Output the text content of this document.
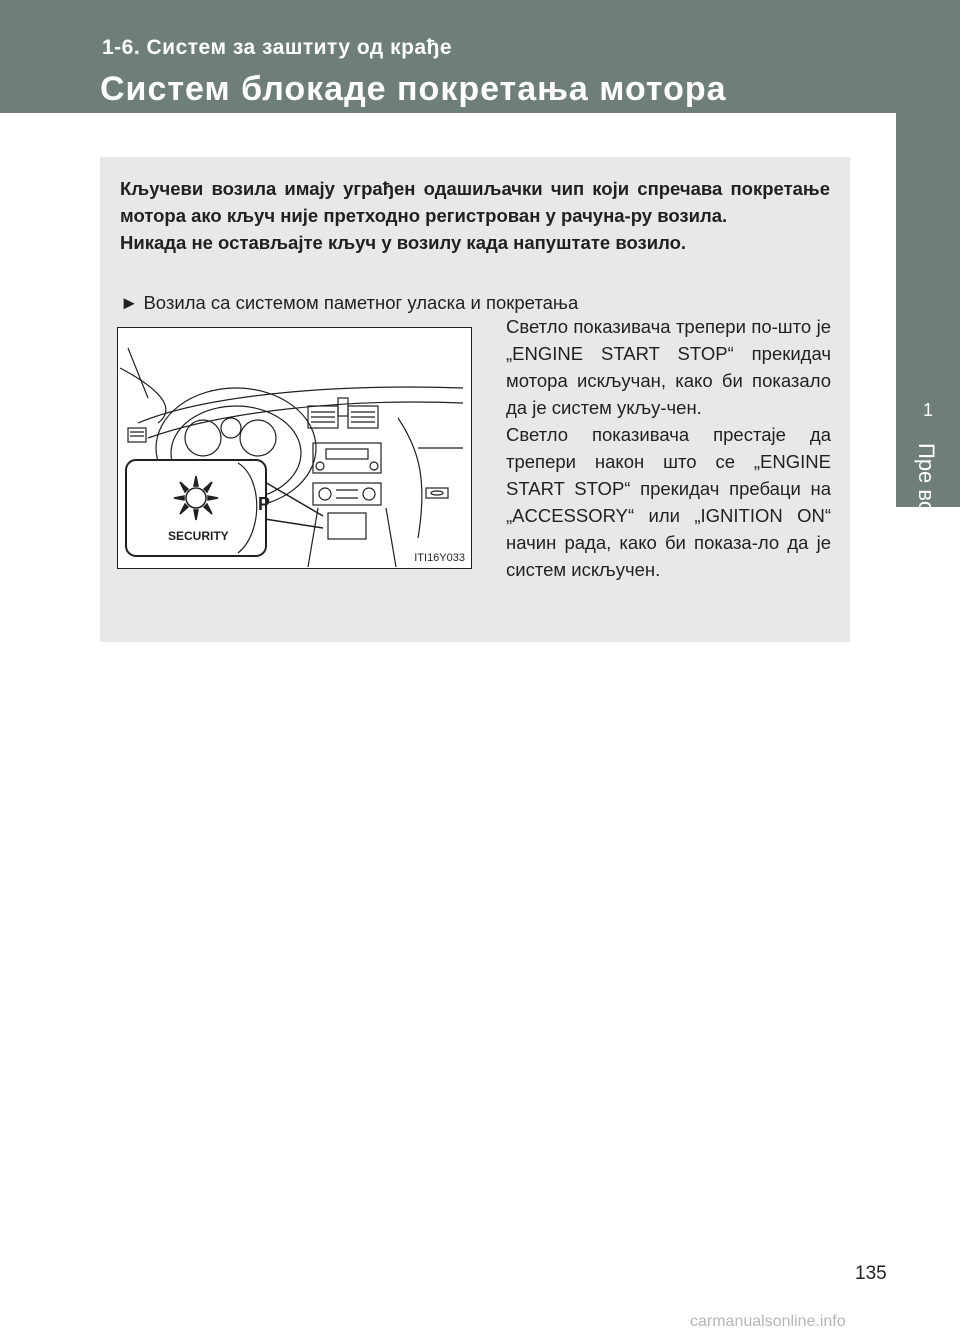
1-6. Систем за заштиту од крађе
Систем блокаде покретања мотора
1
Пре вожње

Кључеви возила имају уграђен одашиљачки чип који спречава покретање мотора ако кључ није претходно регистрован у рачуна-ру возила.

Никада не остављајте кључ у возилу када напуштате возило.

► Возила са системом паметног уласка и покретања
SECURITY
P
ITI16Y033

Светло показивача трепери по-што је „ENGINE START STOP“ прекидач мотора искључан, како би показало да је систем укљу-чен.

Светло показивача престаје да трепери након што се „ENGINE START STOP“ прекидач пребаци на „ACCESSORY“ или „IGNITION ON“ начин рада, како би показа-ло да је систем искључен.

135
carmanualsonline.info
